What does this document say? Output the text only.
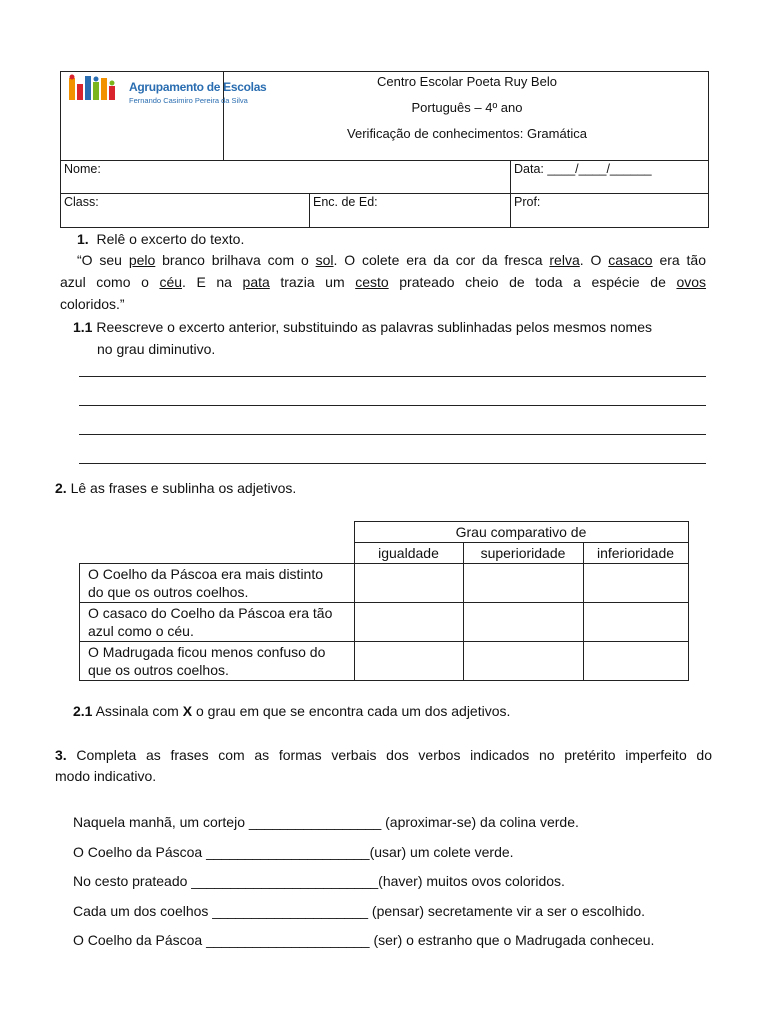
Agrupamento de Escolas
Fernando Casimiro Pereira da Silva
Centro Escolar Poeta Ruy Belo
Português – 4º ano
Verificação de conhecimentos: Gramática
Nome:	Data: ____/____/______
Class:	Enc. de Ed:	Prof:
1. Relê o excerto do texto.
“O seu pelo branco brilhava com o sol. O colete era da cor da fresca relva. O casaco era tão
azul como o céu. E na pata trazia um cesto prateado cheio de toda a espécie de ovos
coloridos.”
1.1 Reescreve o excerto anterior, substituindo as palavras sublinhadas pelos mesmos nomes
no grau diminutivo.
2. Lê as frases e sublinha os adjetivos.
	Grau comparativo de		
	igualdade	superioridade	inferioridade
O Coelho da Páscoa era mais distinto
do que os outros coelhos.			
O casaco do Coelho da Páscoa era tão
azul como o céu.			
O Madrugada ficou menos confuso do
que os outros coelhos.			
2.1 Assinala com X o grau em que se encontra cada um dos adjetivos.
3. Completa as frases com as formas verbais dos verbos indicados no pretérito imperfeito do
modo indicativo.
Naquela manhã, um cortejo _________________ (aproximar-se) da colina verde.
O Coelho da Páscoa _____________________(usar) um colete verde.
No cesto prateado ________________________(haver) muitos ovos coloridos.
Cada um dos coelhos ____________________ (pensar) secretamente vir a ser o escolhido.
O Coelho da Páscoa _____________________ (ser) o estranho que o Madrugada conheceu.
